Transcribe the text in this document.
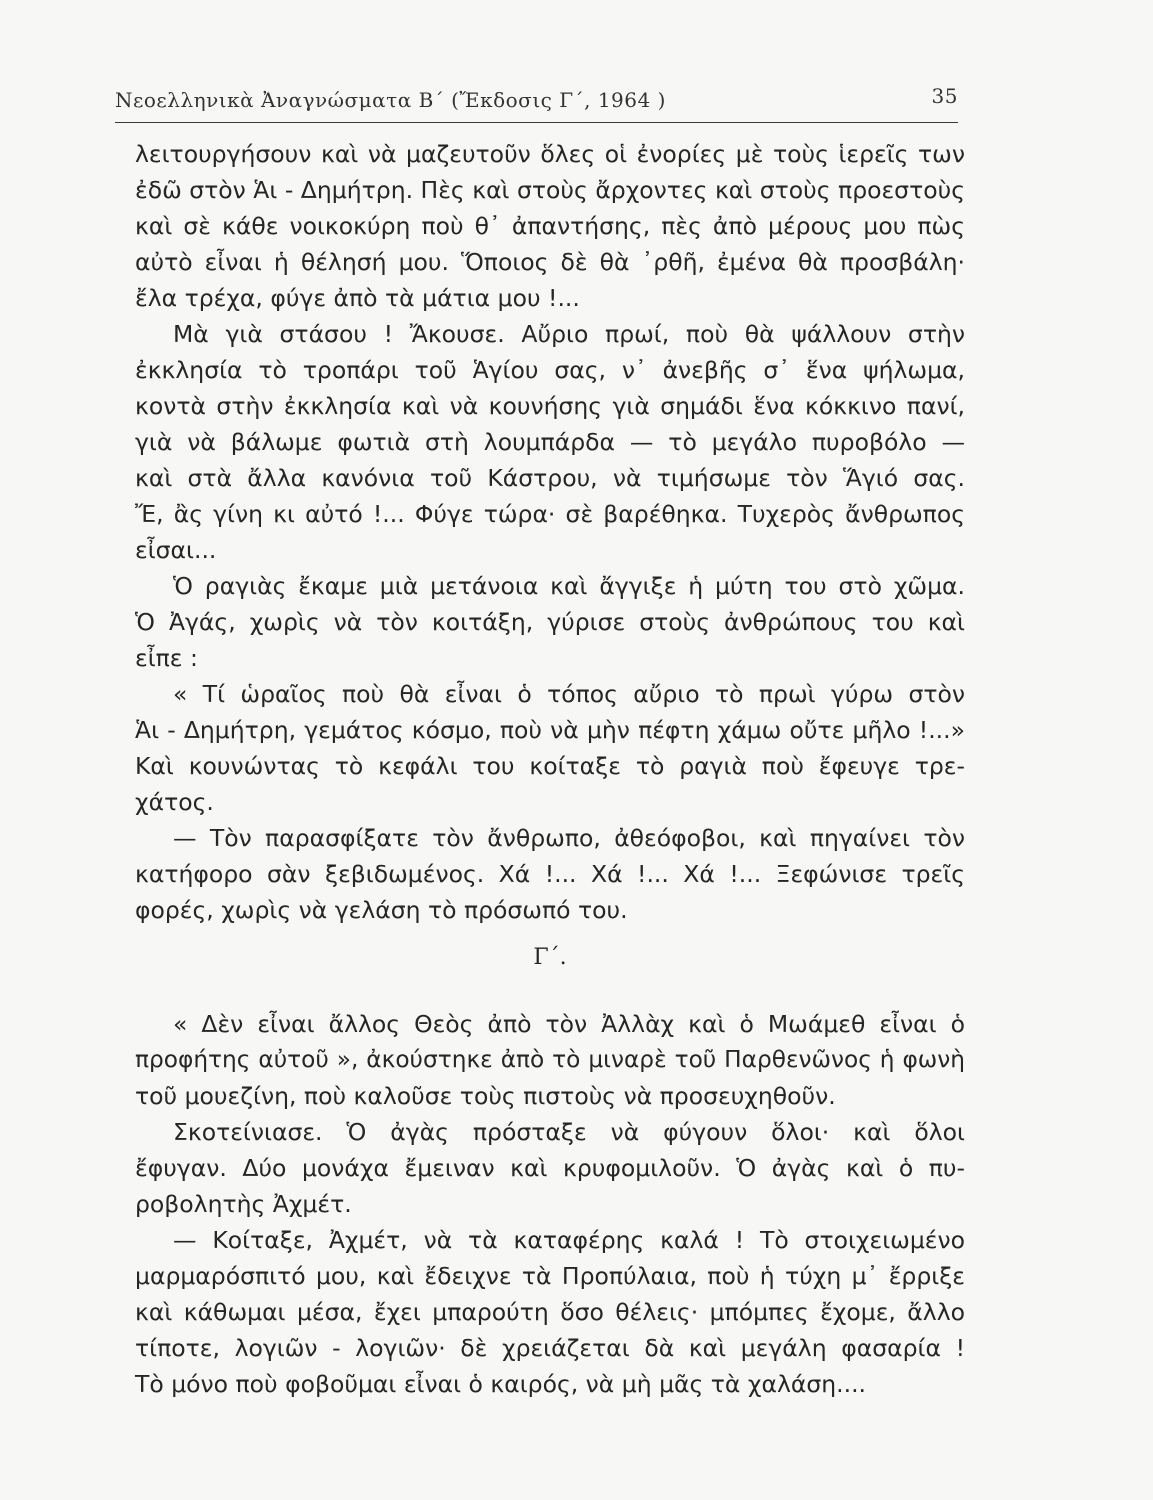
Νεοελληνικὰ Ἀναγνώσματα Β΄ (Ἔκδοσις Γ΄, 1964 )	35
λειτουργήσουν καὶ νὰ μαζευτοῦν ὅλες οἱ ἐνορίες μὲ τοὺς ἱερεῖς των
ἐδῶ στὸν Ἁι - Δημήτρη. Πὲς καὶ στοὺς ἄρχοντες καὶ στοὺς προεστοὺς
καὶ σὲ κάθε νοικοκύρη ποὺ θ᾽ ἀπαντήσης, πὲς ἀπὸ μέρους μου πὼς
αὐτὸ εἶναι ἡ θέλησή μου. Ὅποιος δὲ θὰ ᾽ρθῆ, ἐμένα θὰ προσβάλη·
ἔλα τρέχα, φύγε ἀπὸ τὰ μάτια μου !...
Μὰ γιὰ στάσου ! Ἄκουσε. Αὔριο πρωί, ποὺ θὰ ψάλλουν στὴν
ἐκκλησία τὸ τροπάρι τοῦ Ἁγίου σας, ν᾽ ἀνεβῆς σ᾽ ἕνα ψήλωμα,
κοντὰ στὴν ἐκκλησία καὶ νὰ κουνήσης γιὰ σημάδι ἕνα κόκκινο πανί,
γιὰ νὰ βάλωμε φωτιὰ στὴ λουμπάρδα — τὸ μεγάλο πυροβόλο —
καὶ στὰ ἄλλα κανόνια τοῦ Κάστρου, νὰ τιμήσωμε τὸν Ἅγιό σας.
Ἔ, ἂς γίνη κι αὐτό !... Φύγε τώρα· σὲ βαρέθηκα. Τυχερὸς ἄνθρωπος
εἶσαι...
Ὁ ραγιὰς ἔκαμε μιὰ μετάνοια καὶ ἄγγιξε ἡ μύτη του στὸ χῶμα.
Ὁ Ἀγάς, χωρὶς νὰ τὸν κοιτάξη, γύρισε στοὺς ἀνθρώπους του καὶ
εἶπε :
« Τί ὡραῖος ποὺ θὰ εἶναι ὁ τόπος αὔριο τὸ πρωὶ γύρω στὸν
Ἁι - Δημήτρη, γεμάτος κόσμο, ποὺ νὰ μὴν πέφτη χάμω οὔτε μῆλο !...»
Καὶ κουνώντας τὸ κεφάλι του κοίταξε τὸ ραγιὰ ποὺ ἔφευγε τρε-
χάτος.
— Τὸν παρασφίξατε τὸν ἄνθρωπο, ἀθεόφοβοι, καὶ πηγαίνει τὸν
κατήφορο σὰν ξεβιδωμένος. Χά !... Χά !... Χά !... Ξεφώνισε τρεῖς
φορές, χωρὶς νὰ γελάση τὸ πρόσωπό του.
Γ΄.
« Δὲν εἶναι ἄλλος Θεὸς ἀπὸ τὸν Ἀλλὰχ καὶ ὁ Μωάμεθ εἶναι ὁ
προφήτης αὐτοῦ », ἀκούστηκε ἀπὸ τὸ μιναρὲ τοῦ Παρθενῶνος ἡ φωνὴ
τοῦ μουεζίνη, ποὺ καλοῦσε τοὺς πιστοὺς νὰ προσευχηθοῦν.
Σκοτείνιασε. Ὁ ἀγὰς πρόσταξε νὰ φύγουν ὅλοι· καὶ ὅλοι
ἔφυγαν. Δύο μονάχα ἔμειναν καὶ κρυφομιλοῦν. Ὁ ἀγὰς καὶ ὁ πυ-
ροβολητὴς Ἀχμέτ.
— Κοίταξε, Ἀχμέτ, νὰ τὰ καταφέρης καλά ! Τὸ στοιχειωμένο
μαρμαρόσπιτό μου, καὶ ἔδειχνε τὰ Προπύλαια, ποὺ ἡ τύχη μ᾽ ἔρριξε
καὶ κάθωμαι μέσα, ἔχει μπαρούτη ὅσο θέλεις· μπόμπες ἔχομε, ἄλλο
τίποτε, λογιῶν - λογιῶν· δὲ χρειάζεται δὰ καὶ μεγάλη φασαρία !
Τὸ μόνο ποὺ φοβοῦμαι εἶναι ὁ καιρός, νὰ μὴ μᾶς τὰ χαλάση....
